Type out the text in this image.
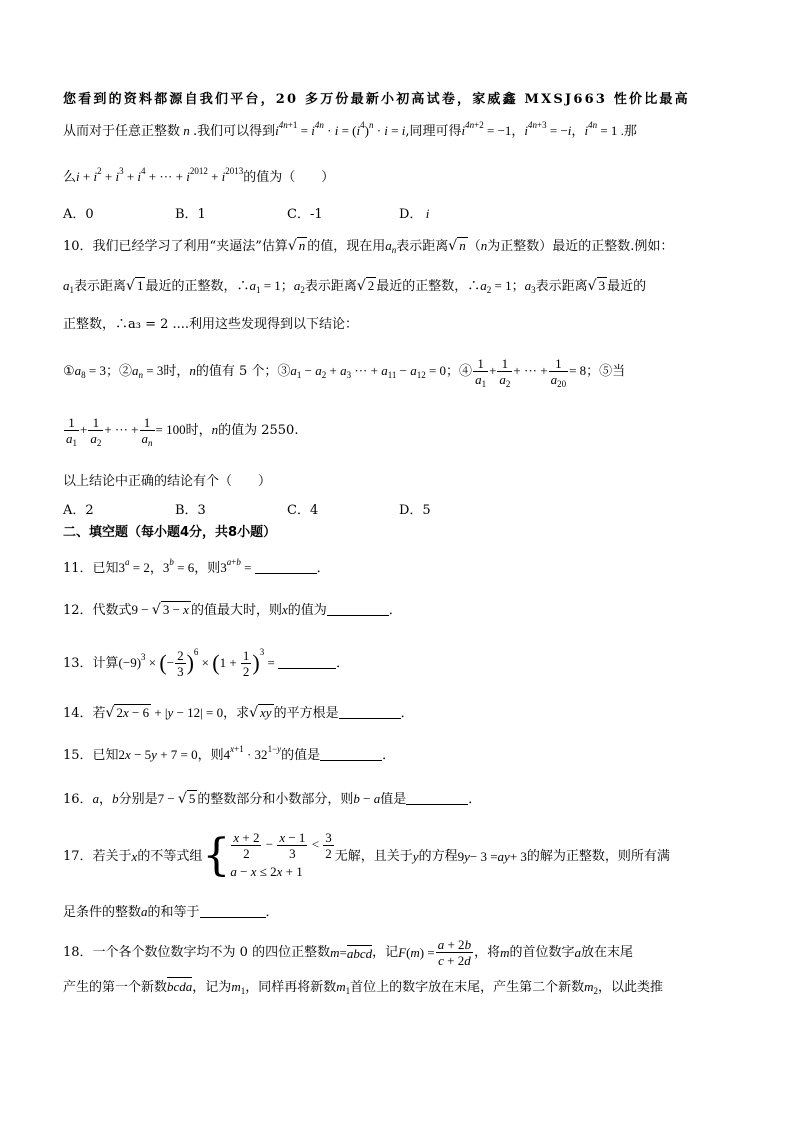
您看到的资料都源自我们平台，20 多万份最新小初高试卷，家威鑫 MXSJ663 性价比最高
从而对于任意正整数 n .我们可以得到$i^{4n+1} = i^{4n} \cdot i = (i^4)^n \cdot i = i$,同理可得$i^{4n+2} = -1$，$i^{4n+3} = -i$，$i^{4n} = 1$ .那
么$i + i^2 + i^3 + i^4$ + ··· + $i^{2012} + i^{2013}$的值为（　　）
A．0	B．1	C．-1	D． i
10．我们已经学习了利用“夹逼法”估算√ n 的值，现在用$a_n$表示距离√ n （n为正整数）最近的正整数.例如：
$a_1$表示距离√ 1 最近的正整数，$\therefore a_1 = 1$；$a_2$表示距离√ 2 最近的正整数，$\therefore a_2 = 1$；$a_3$表示距离√ 3 最近的
正整数，∴a₃ = 2 ....利用这些发现得到以下结论：
$①a_8 = 3$；$②a_n = 3$时，n的值有 5 个；$③a_1 - a_2 + a_3$ ··· + $a_{11} - a_{12} = 0$；④ $\frac{1}{a_1} + \frac{1}{a_2}$ + ··· + $\frac{1}{a_{20}} = 8$；⑤当
$\frac{1}{a_1} + \frac{1}{a_2}$ + ··· + $\frac{1}{a_n} = 100$时，n的值为 2550.
以上结论中正确的结论有个（　　）
A．2	B．3	C．4	D．5
二、填空题（每小题4分，共8小题）
11．已知$3^a = 2$，$3^b = 6$，则$3^{a+b}$ =	．
12．代数式9 − √ 3 − x 的值最大时，则x的值为	．
13．计算$(-9)^3$ × (− $\frac{2}{3} )^6 \times (1 + \frac{1}{2} )^3$ =	．
14．若√ 2x − 6 + |y − 12| = 0，求√ xy 的平方根是	．
15．已知2x − 5y + 7 = 0，则$4^{x+1} \cdot 32^{1-y}$的值是	．
16．a，b分别是7 − √ 5 的整数部分和小数部分，则b − a值是	．
17．若关于 x 的不等式组 { $\frac{x + 2}{2} - \frac{x - 1}{3} < \frac{3}{2}$
a − x ≤ 2x + 1
无解，且关于 y 的方程 9 y − 3 = ay + 3 的解为正整数，则所有满
足条件的整数a的和等于	．
18．一个各个数位数字均不为 0 的四位正整数 m = abcd ，记 F ( m ) = $\frac{a + 2b}{c + 2d}$ ，将 m 的首位数字 a 放在末尾
产生的第一个新数bcda，记为$m_1$，同样再将新数$m_1$首位上的数字放在末尾，产生第二个新数$m_2$，以此类推
